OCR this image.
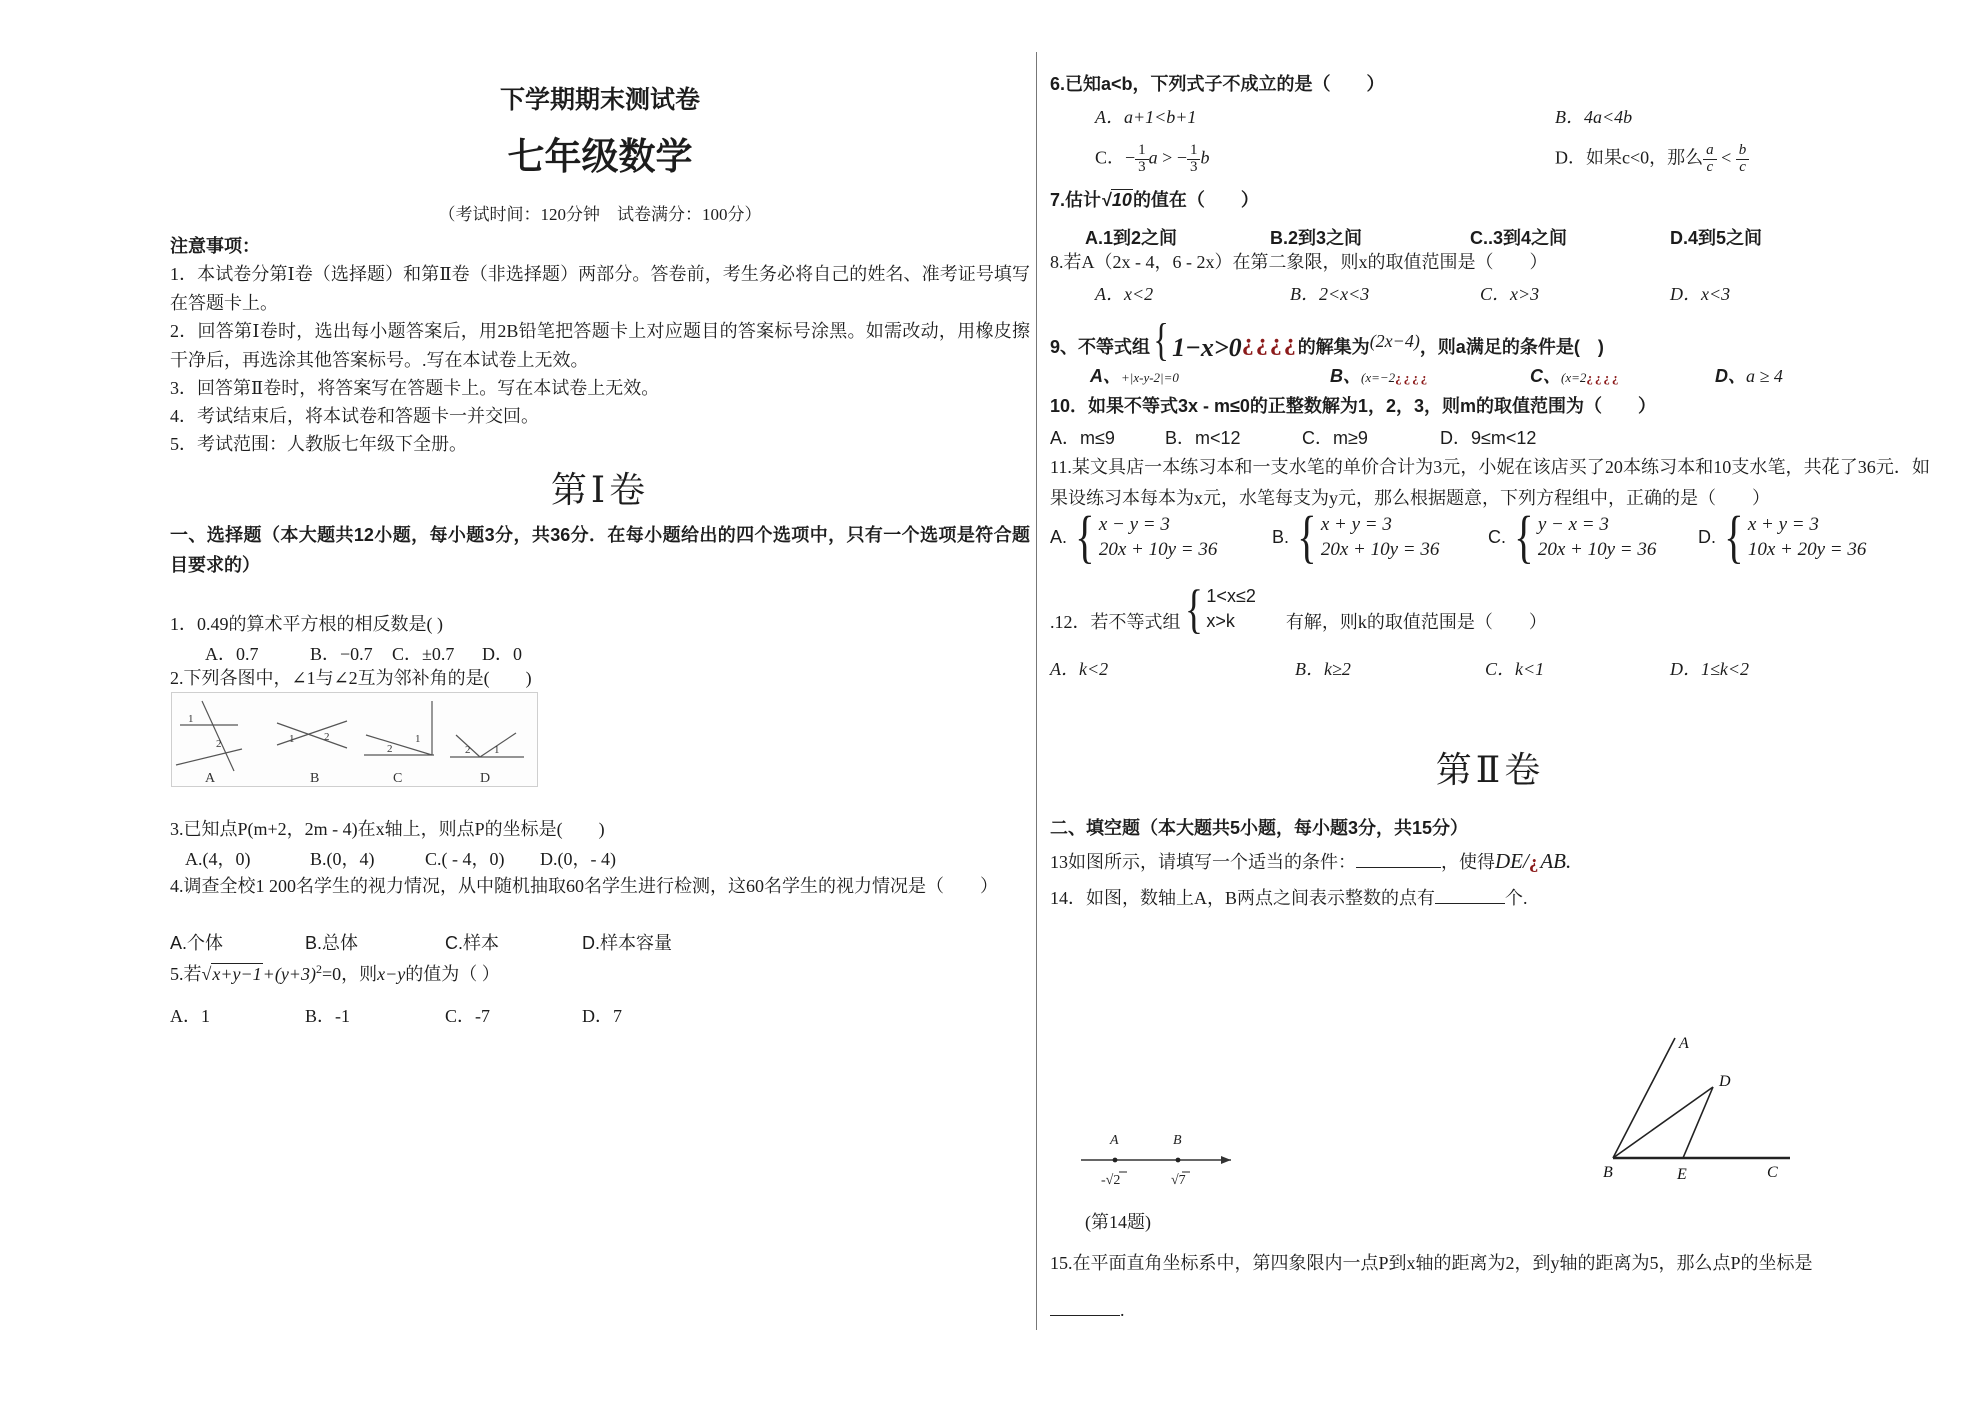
下学期期末测试卷
七年级数学
（考试时间：120分钟　试卷满分：100分）
注意事项：
1．本试卷分第Ⅰ卷（选择题）和第Ⅱ卷（非选择题）两部分。答卷前，考生务必将自己的姓名、准考证号填写在答题卡上。
2．回答第Ⅰ卷时，选出每小题答案后，用2B铅笔把答题卡上对应题目的答案标号涂黑。如需改动，用橡皮擦干净后，再选涂其他答案标号。.写在本试卷上无效。
3．回答第Ⅱ卷时，将答案写在答题卡上。写在本试卷上无效。
4．考试结束后，将本试卷和答题卡一并交回。
5．考试范围：人教版七年级下全册。
第Ⅰ卷
一、选择题（本大题共12小题，每小题3分，共36分．在每小题给出的四个选项中，只有一个选项是符合题目要求的）
1．0.49的算术平方根的相反数是( )
A．0.7	B．−0.7 C．±0.7 D．0
2.下列各图中，∠1与∠2互为邻补角的是(　　)
1
2	1	2	1
2	1
2
A	B	C	D
3.已知点P(m+2，2m - 4)在x轴上，则点P的坐标是(　　)
A.(4，0)	B.(0，4)	C.( - 4，0) D.(0，- 4)
4.调查全校1 200名学生的视力情况，从中随机抽取60名学生进行检测，这60名学生的视力情况是（　　）
A.个体	B.总体	C.样本	D.样本容量
5.若$√x+y-1+(y+3)^2=0$，则x−y的值为（ ）
A．1	B．-1	C．-7	D．7
6.已知a<b，下列式子不成立的是（　　）
A．a+1<b+1	B．4a<4b
C．− $\frac{1}{3}$ a > − $\frac{1}{3}$ b	D．如果c<0，那么 $\frac{a}{c} < \frac{b}{c}$
7.估计√10的值在（　　）
A.1到2之间	B.2到3之间	C..3到4之间	D.4到5之间
8.若A（2x - 4，6 - 2x）在第二象限，则x的取值范围是（　　）
A．x<2	B．2<x<3	C．x>3	D．x<3
9、不等式组 { 1−x>0 ¿¿¿¿ 的解集为 (2x−4) ，则a满足的条件是(　)
A、+|x-y-2|=0	B、(x=−2¿¿¿¿	C、(x=2¿¿¿¿	D、a ≥ 4
10．如果不等式3x - m≤0的正整数解为1，2，3，则m的取值范围为（　　）
A．m≤9	B．m<12	C．m≥9	D．9≤m<12
11.某文具店一本练习本和一支水笔的单价合计为3元，小妮在该店买了20本练习本和10支水笔，共花了36元．如果设练习本每本为x元，水笔每支为y元，那么根据题意，下列方程组中，正确的是（　　）
A. { x − y = 3
20x + 10y = 36
B. { x + y = 3
20x + 10y = 36
C. { y − x = 3
20x + 10y = 36
D. { x + y = 3
10x + 20y = 36
.12．若不等式组 { 1<x≤2
x>k	有解，则k的取值范围是（　　）
A．k<2	B．k≥2	C．k<1	D．1≤k<2
第Ⅱ卷
二、填空题（本大题共5小题，每小题3分，共15分）
13如图所示，请填写一个适当的条件：	，使得DE/¿AB.
14．如图，数轴上A，B两点之间表示整数的点有	个.
A	B
-√2	√7
A
D
B	E	C
(第14题)
15.在平面直角坐标系中，第四象限内一点P到x轴的距离为2，到y轴的距离为5，那么点P的坐标是
.
